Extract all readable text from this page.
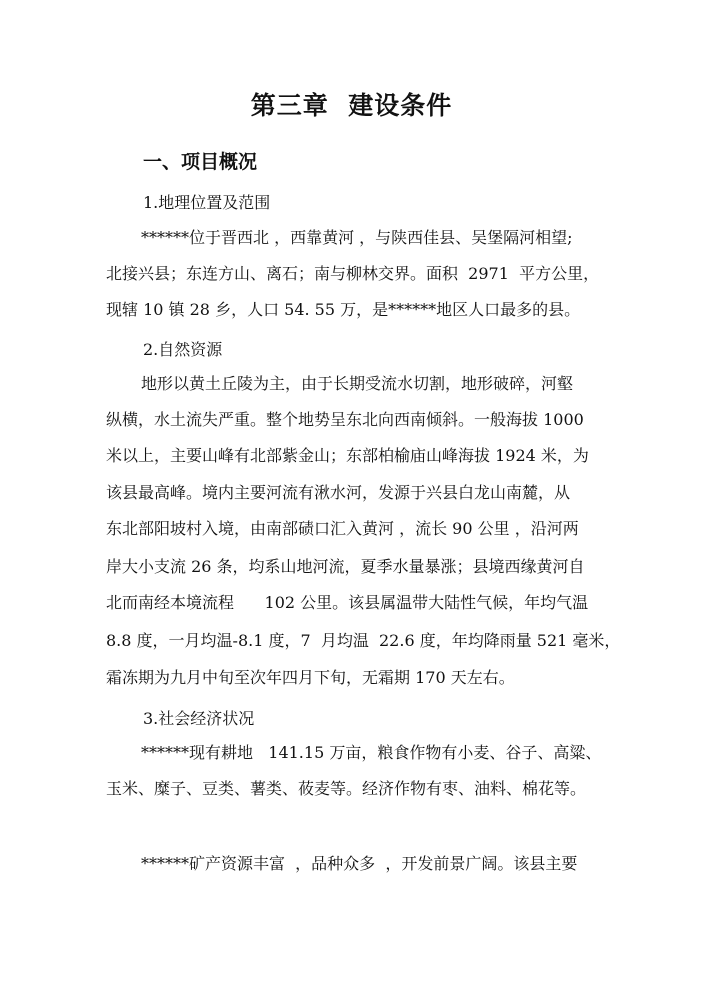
第三章  建设条件
一、项目概况
1.地理位置及范围
******位于晋西北 ，西靠黄河 ，与陕西佳县、吴堡隔河相望;
北接兴县；东连方山、离石；南与柳林交界。面积  2971  平方公里，
现辖 10 镇 28 乡，人口 54. 55 万，是******地区人口最多的县。
2.自然资源
地形以黄土丘陵为主，由于长期受流水切割，地形破碎，河壑
纵横，水土流失严重。整个地势呈东北向西南倾斜。一般海拔 1000
米以上，主要山峰有北部紫金山；东部柏榆庙山峰海拔 1924 米，为
该县最高峰。境内主要河流有湫水河，发源于兴县白龙山南麓，从
东北部阳坡村入境，由南部碛口汇入黄河 ，流长 90 公里 ，沿河两
岸大小支流 26 条，均系山地河流，夏季水量暴涨；县境西缘黄河自
北而南经本境流程      102 公里。该县属温带大陆性气候，年均气温
8.8 度，一月均温-8.1 度，7  月均温  22.6 度，年均降雨量 521 毫米，
霜冻期为九月中旬至次年四月下旬，无霜期 170 天左右。
3.社会经济状况
******现有耕地   141.15 万亩，粮食作物有小麦、谷子、高粱、
玉米、糜子、豆类、薯类、莜麦等。经济作物有枣、油料、棉花等。
******矿产资源丰富  ，品种众多  ，开发前景广阔。该县主要
